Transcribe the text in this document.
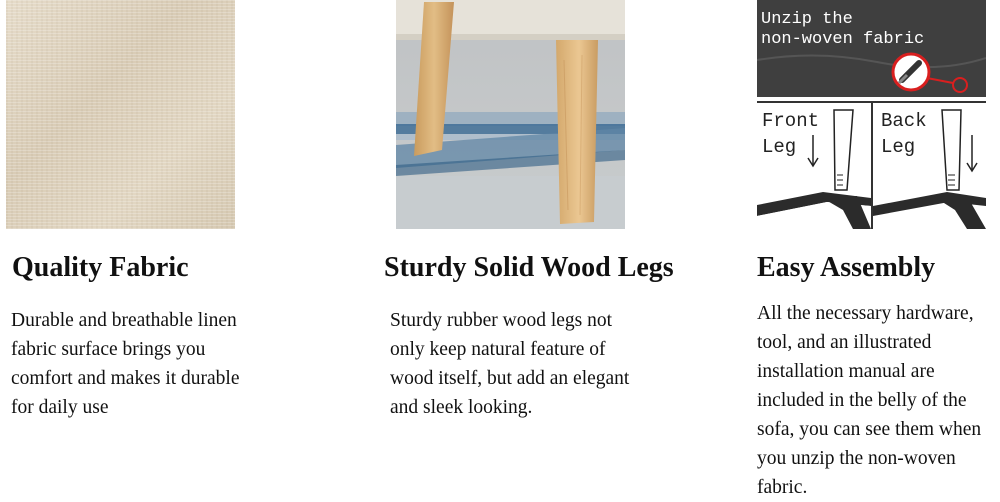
Unzip the
non-woven fabric
Front
Leg
Back
Leg
Quality Fabric	Sturdy Solid Wood Legs	Easy Assembly

Durable and breathable linen fabric surface brings you comfort and makes it durable for daily use

Sturdy rubber wood legs not only keep natural feature of wood itself, but add an elegant and sleek looking.

All the necessary hardware, tool, and an illustrated installation manual are included in the belly of the sofa, you can see them when you unzip the non-woven fabric.
